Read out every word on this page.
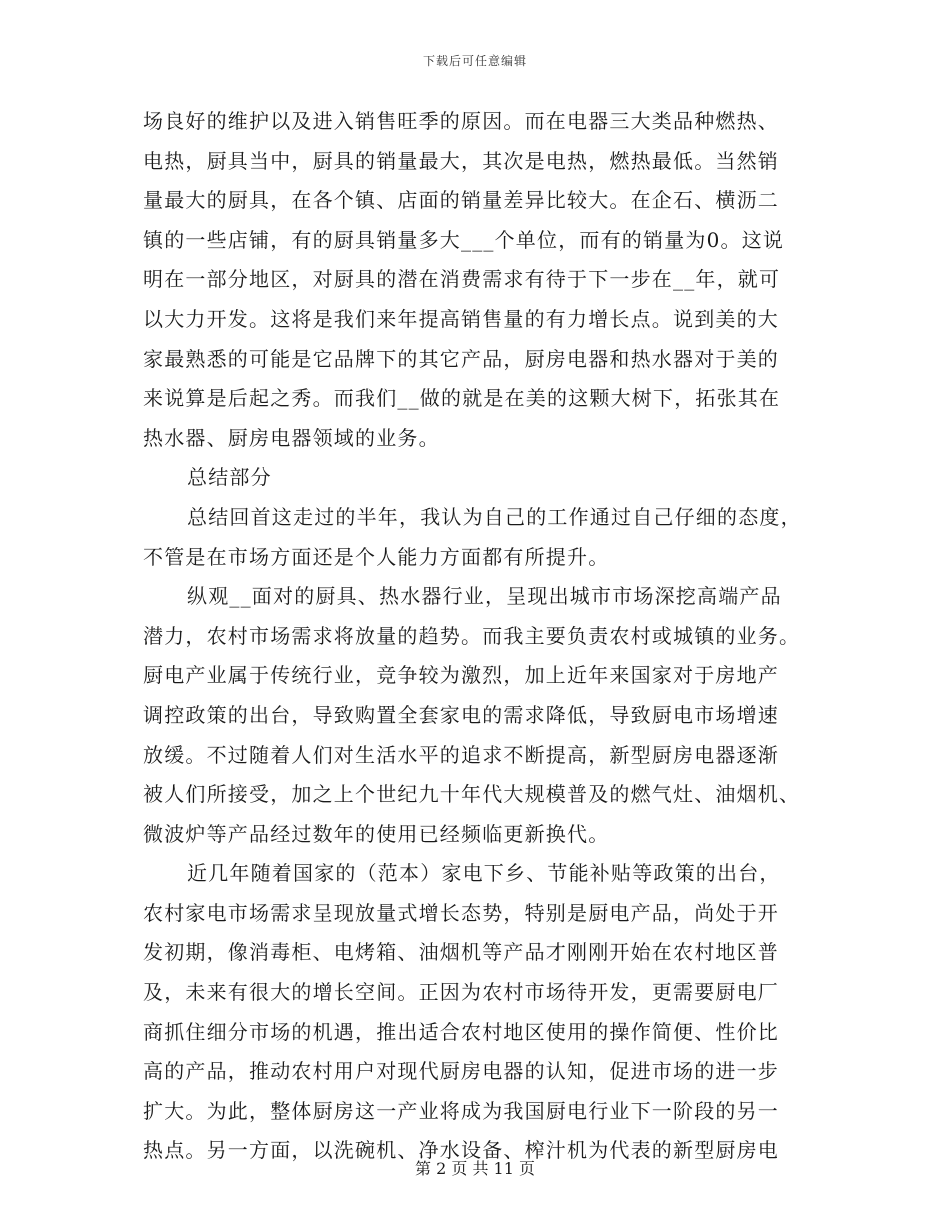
下载后可任意编辑
场良好的维护以及进入销售旺季的原因。而在电器三大类品种燃热、
电热，厨具当中，厨具的销量最大，其次是电热，燃热最低。当然销
量最大的厨具，在各个镇、店面的销量差异比较大。在企石、横沥二
镇的一些店铺，有的厨具销量多大___个单位，而有的销量为0。这说
明在一部分地区，对厨具的潜在消费需求有待于下一步在__年，就可
以大力开发。这将是我们来年提高销售量的有力增长点。说到美的大
家最熟悉的可能是它品牌下的其它产品，厨房电器和热水器对于美的
来说算是后起之秀。而我们__做的就是在美的这颗大树下，拓张其在
热水器、厨房电器领域的业务。
总结部分
总结回首这走过的半年，我认为自己的工作通过自己仔细的态度，
不管是在市场方面还是个人能力方面都有所提升。
纵观__面对的厨具、热水器行业，呈现出城市市场深挖高端产品
潜力，农村市场需求将放量的趋势。而我主要负责农村或城镇的业务。
厨电产业属于传统行业，竞争较为激烈，加上近年来国家对于房地产
调控政策的出台，导致购置全套家电的需求降低，导致厨电市场增速
放缓。不过随着人们对生活水平的追求不断提高，新型厨房电器逐渐
被人们所接受，加之上个世纪九十年代大规模普及的燃气灶、油烟机、
微波炉等产品经过数年的使用已经频临更新换代。
近几年随着国家的（范本）家电下乡、节能补贴等政策的出台，
农村家电市场需求呈现放量式增长态势，特别是厨电产品，尚处于开
发初期，像消毒柜、电烤箱、油烟机等产品才刚刚开始在农村地区普
及，未来有很大的增长空间。正因为农村市场待开发，更需要厨电厂
商抓住细分市场的机遇，推出适合农村地区使用的操作简便、性价比
高的产品，推动农村用户对现代厨房电器的认知，促进市场的进一步
扩大。为此，整体厨房这一产业将成为我国厨电行业下一阶段的另一
热点。另一方面，以洗碗机、净水设备、榨汁机为代表的新型厨房电
第 2 页 共 11 页
